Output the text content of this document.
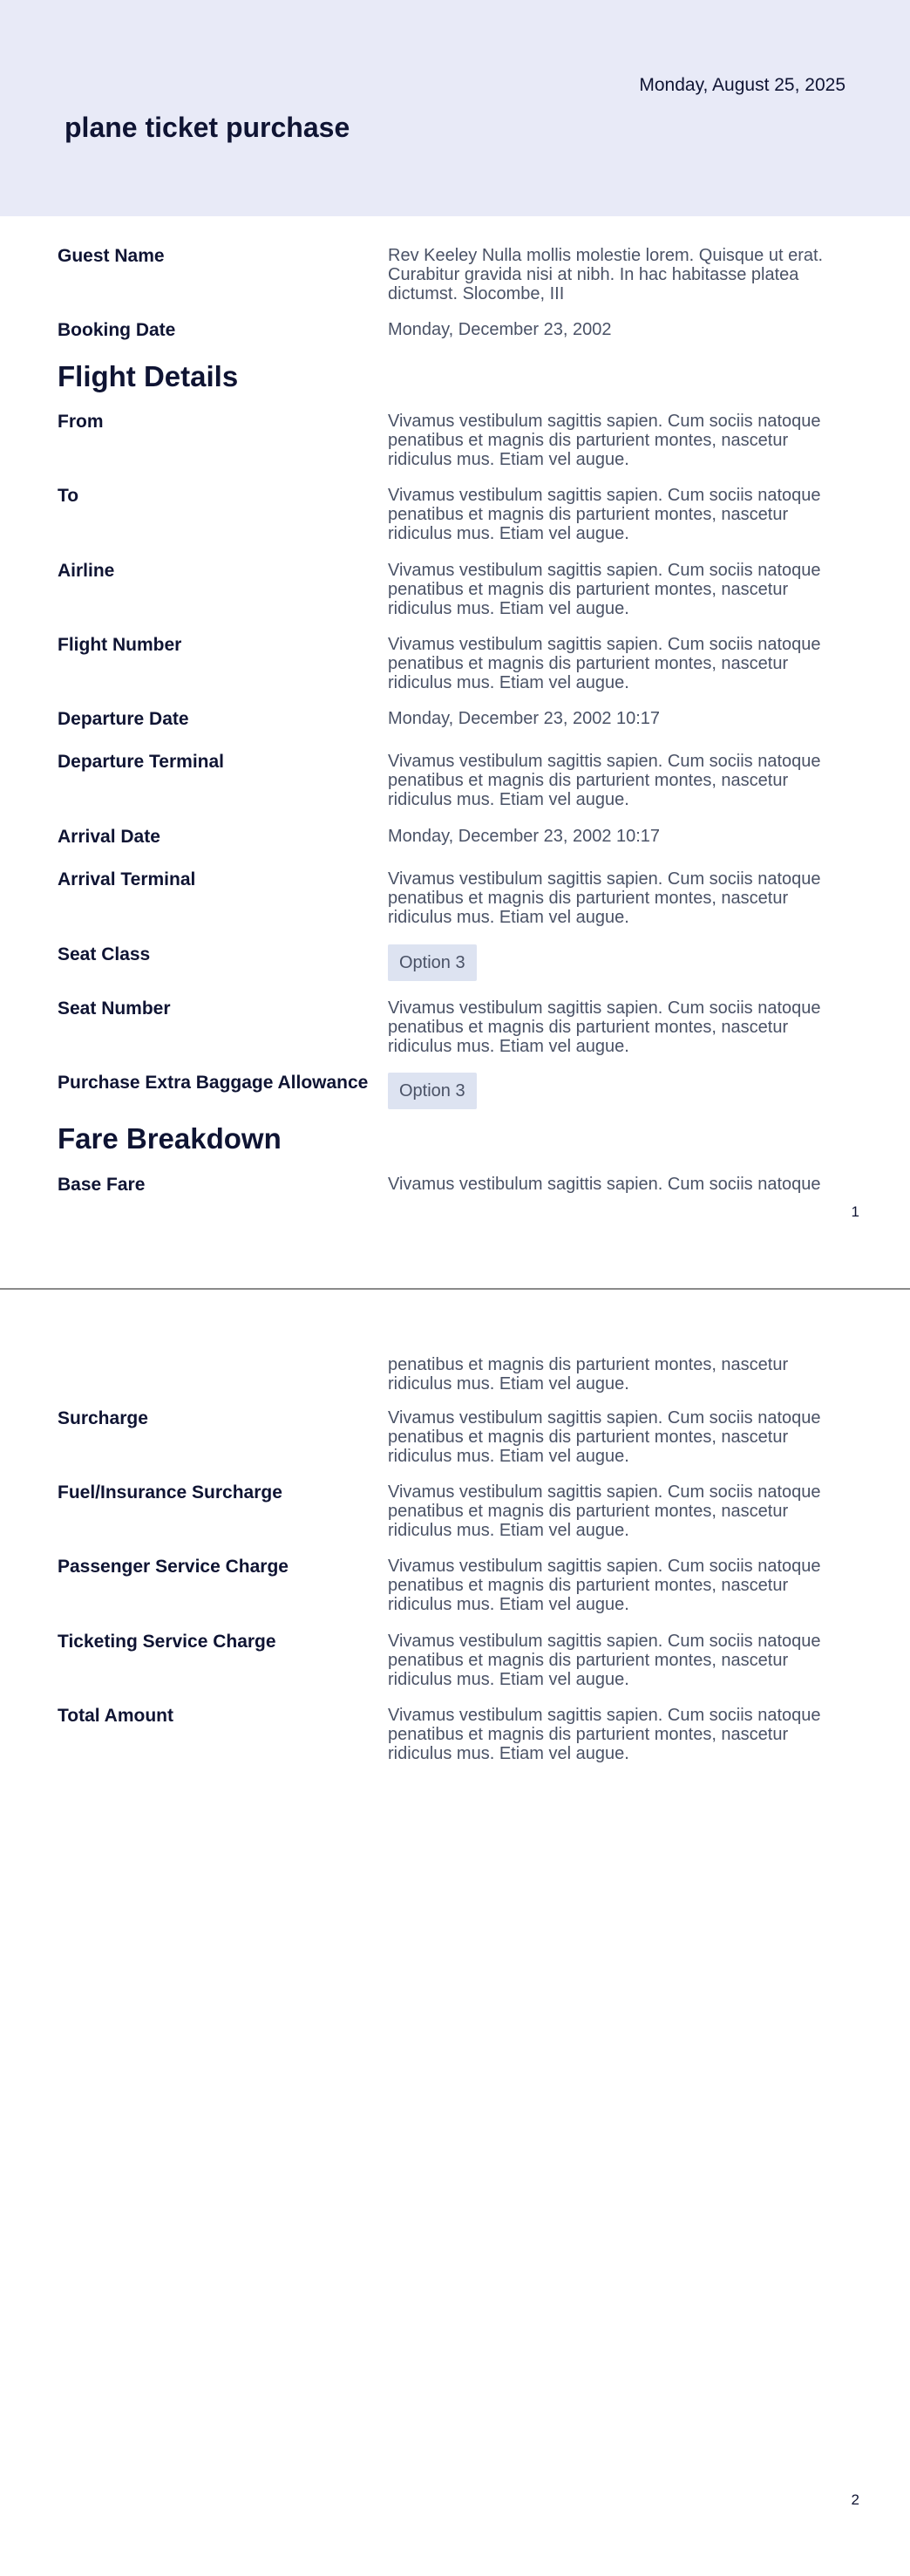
Monday, August 25, 2025
plane ticket purchase
Guest Name	Rev Keeley Nulla mollis molestie lorem. Quisque ut erat. Curabitur gravida nisi at nibh. In hac habitasse platea dictumst. Slocombe, III
Booking Date	Monday, December 23, 2002
Flight Details
From	Vivamus vestibulum sagittis sapien. Cum sociis natoque penatibus et magnis dis parturient montes, nascetur ridiculus mus. Etiam vel augue.
To	Vivamus vestibulum sagittis sapien. Cum sociis natoque penatibus et magnis dis parturient montes, nascetur ridiculus mus. Etiam vel augue.
Airline	Vivamus vestibulum sagittis sapien. Cum sociis natoque penatibus et magnis dis parturient montes, nascetur ridiculus mus. Etiam vel augue.
Flight Number	Vivamus vestibulum sagittis sapien. Cum sociis natoque penatibus et magnis dis parturient montes, nascetur ridiculus mus. Etiam vel augue.
Departure Date	Monday, December 23, 2002 10:17
Departure Terminal	Vivamus vestibulum sagittis sapien. Cum sociis natoque penatibus et magnis dis parturient montes, nascetur ridiculus mus. Etiam vel augue.
Arrival Date	Monday, December 23, 2002 10:17
Arrival Terminal	Vivamus vestibulum sagittis sapien. Cum sociis natoque penatibus et magnis dis parturient montes, nascetur ridiculus mus. Etiam vel augue.
Seat Class	Option 3
Seat Number	Vivamus vestibulum sagittis sapien. Cum sociis natoque penatibus et magnis dis parturient montes, nascetur ridiculus mus. Etiam vel augue.
Purchase Extra Baggage Allowance	Option 3
Fare Breakdown
Base Fare	Vivamus vestibulum sagittis sapien. Cum sociis natoque
1
penatibus et magnis dis parturient montes, nascetur ridiculus mus. Etiam vel augue.
Surcharge	Vivamus vestibulum sagittis sapien. Cum sociis natoque penatibus et magnis dis parturient montes, nascetur ridiculus mus. Etiam vel augue.
Fuel/Insurance Surcharge	Vivamus vestibulum sagittis sapien. Cum sociis natoque penatibus et magnis dis parturient montes, nascetur ridiculus mus. Etiam vel augue.
Passenger Service Charge	Vivamus vestibulum sagittis sapien. Cum sociis natoque penatibus et magnis dis parturient montes, nascetur ridiculus mus. Etiam vel augue.
Ticketing Service Charge	Vivamus vestibulum sagittis sapien. Cum sociis natoque penatibus et magnis dis parturient montes, nascetur ridiculus mus. Etiam vel augue.
Total Amount	Vivamus vestibulum sagittis sapien. Cum sociis natoque penatibus et magnis dis parturient montes, nascetur ridiculus mus. Etiam vel augue.
2
